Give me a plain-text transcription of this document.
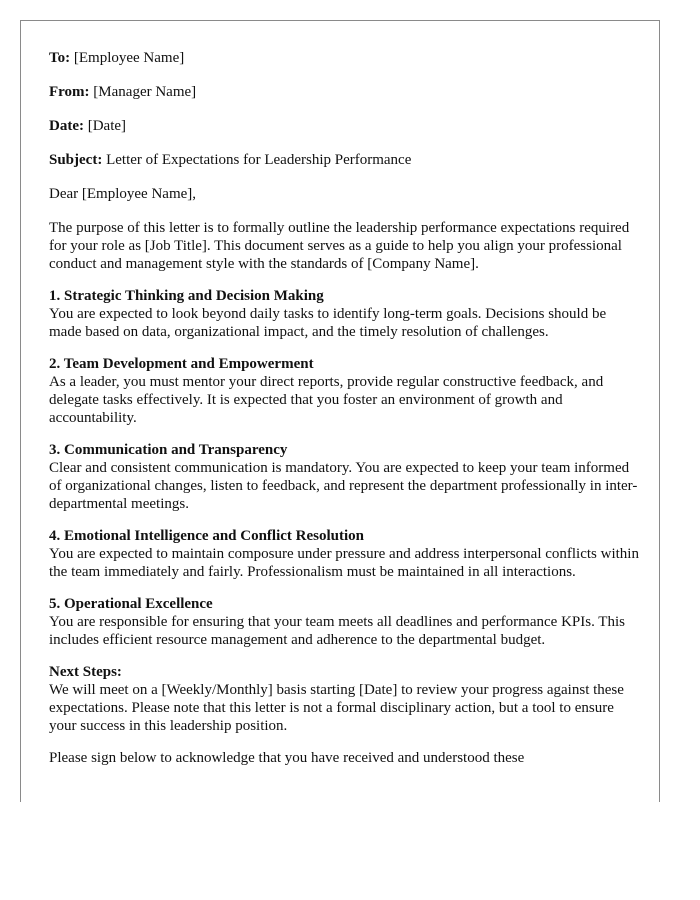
To: [Employee Name]

From: [Manager Name]

Date: [Date]

Subject: Letter of Expectations for Leadership Performance

Dear [Employee Name],

The purpose of this letter is to formally outline the leadership performance expectations required for your role as [Job Title]. This document serves as a guide to help you align your professional conduct and management style with the standards of [Company Name].

1. Strategic Thinking and Decision Making
You are expected to look beyond daily tasks to identify long-term goals. Decisions should be made based on data, organizational impact, and the timely resolution of challenges.
2. Team Development and Empowerment
As a leader, you must mentor your direct reports, provide regular constructive feedback, and delegate tasks effectively. It is expected that you foster an environment of growth and accountability.
3. Communication and Transparency
Clear and consistent communication is mandatory. You are expected to keep your team informed of organizational changes, listen to feedback, and represent the department professionally in inter-departmental meetings.
4. Emotional Intelligence and Conflict Resolution
You are expected to maintain composure under pressure and address interpersonal conflicts within the team immediately and fairly. Professionalism must be maintained in all interactions.
5. Operational Excellence
You are responsible for ensuring that your team meets all deadlines and performance KPIs. This includes efficient resource management and adherence to the departmental budget.
Next Steps:
We will meet on a [Weekly/Monthly] basis starting [Date] to review your progress against these expectations. Please note that this letter is not a formal disciplinary action, but a tool to ensure your success in this leadership position.

Please sign below to acknowledge that you have received and understood these
